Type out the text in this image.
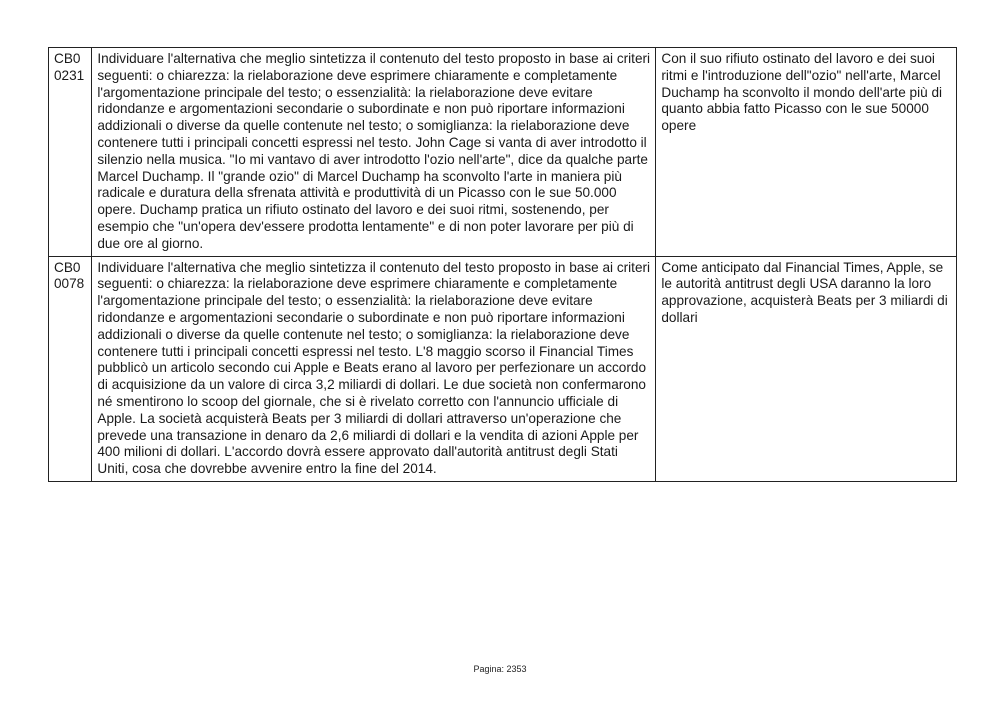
CB00231	Individuare l'alternativa che meglio sintetizza il contenuto del testo proposto in base ai criteri seguenti: o chiarezza: la rielaborazione deve esprimere chiaramente e completamente l'argomentazione principale del testo; o essenzialità: la rielaborazione deve evitare ridondanze e argomentazioni secondarie o subordinate e non può riportare informazioni addizionali o diverse da quelle contenute nel testo; o somiglianza: la rielaborazione deve contenere tutti i principali concetti espressi nel testo. John Cage si vanta di aver introdotto il silenzio nella musica. "Io mi vantavo di aver introdotto l'ozio nell'arte", dice da qualche parte Marcel Duchamp. Il "grande ozio" di Marcel Duchamp ha sconvolto l'arte in maniera più radicale e duratura della sfrenata attività e produttività di un Picasso con le sue 50.000 opere. Duchamp pratica un rifiuto ostinato del lavoro e dei suoi ritmi, sostenendo, per esempio che "un'opera dev'essere prodotta lentamente" e di non poter lavorare per più di due ore al giorno.	Con il suo rifiuto ostinato del lavoro e dei suoi ritmi e l'introduzione dell"ozio" nell'arte, Marcel Duchamp ha sconvolto il mondo dell'arte più di quanto abbia fatto Picasso con le sue 50000 opere
CB00078	Individuare l'alternativa che meglio sintetizza il contenuto del testo proposto in base ai criteri seguenti: o chiarezza: la rielaborazione deve esprimere chiaramente e completamente l'argomentazione principale del testo; o essenzialità: la rielaborazione deve evitare ridondanze e argomentazioni secondarie o subordinate e non può riportare informazioni addizionali o diverse da quelle contenute nel testo; o somiglianza: la rielaborazione deve contenere tutti i principali concetti espressi nel testo. L'8 maggio scorso il Financial Times pubblicò un articolo secondo cui Apple e Beats erano al lavoro per perfezionare un accordo di acquisizione da un valore di circa 3,2 miliardi di dollari. Le due società non confermarono né smentirono lo scoop del giornale, che si è rivelato corretto con l'annuncio ufficiale di Apple. La società acquisterà Beats per 3 miliardi di dollari attraverso un'operazione che prevede una transazione in denaro da 2,6 miliardi di dollari e la vendita di azioni Apple per 400 milioni di dollari. L'accordo dovrà essere approvato dall'autorità antitrust degli Stati Uniti, cosa che dovrebbe avvenire entro la fine del 2014.	Come anticipato dal Financial Times, Apple, se le autorità antitrust degli USA daranno la loro approvazione, acquisterà Beats per 3 miliardi di dollari
Pagina: 2353
